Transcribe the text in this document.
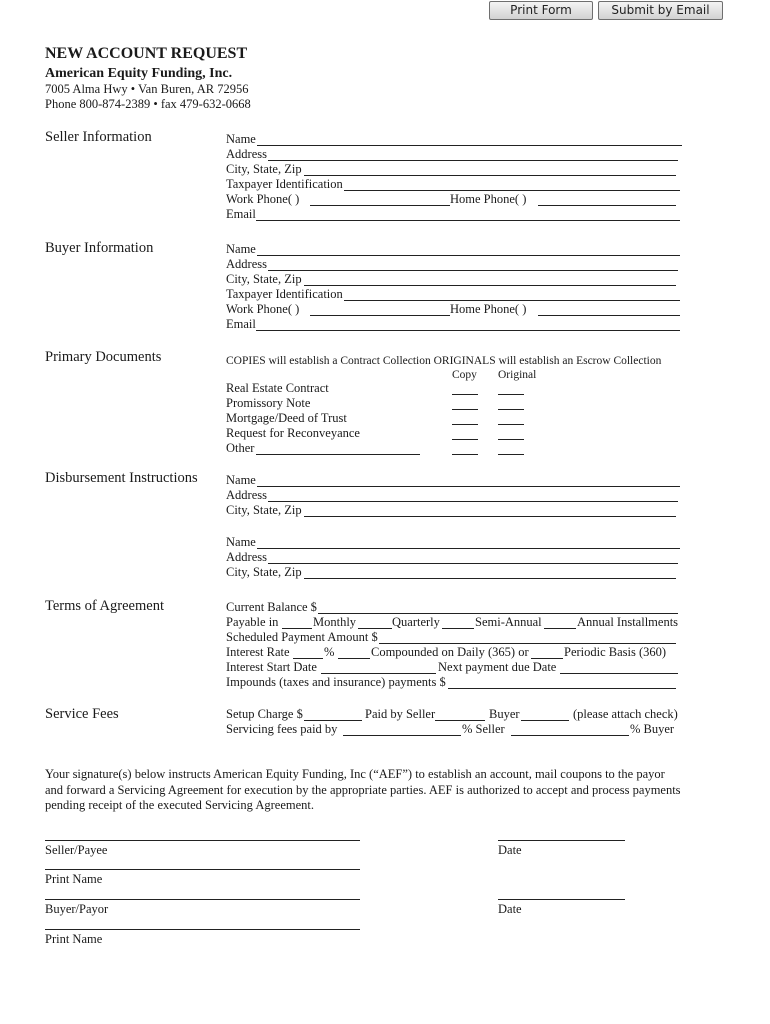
Print Form	Submit by Email
NEW ACCOUNT REQUEST
American Equity Funding, Inc.
7005 Alma Hwy • Van Buren, AR 72956
Phone 800-874-2389 • fax 479-632-0668
Seller Information	Name
Address
City, State, Zip
Taxpayer Identification
Work Phone( )	Home Phone( )
Email
Buyer Information	Name
Address
City, State, Zip
Taxpayer Identification
Work Phone( )	Home Phone( )
Email
Primary Documents	COPIES will establish a Contract Collection ORIGINALS will establish an Escrow Collection
Copy Original
Real Estate Contract
Promissory Note
Mortgage/Deed of Trust
Request for Reconveyance
Other
Disbursement Instructions Name
Address
City, State, Zip
Name
Address
City, State, Zip
Terms of Agreement	Current Balance $
Payable in	Monthly	Quarterly	Semi-Annual	Annual Installments
Scheduled Payment Amount $
Interest Rate	%	Compounded on Daily (365) or	Periodic Basis (360)
Interest Start Date	Next payment due Date
Impounds (taxes and insurance) payments $
Service Fees	Setup Charge $	Paid by Seller	Buyer	(please attach check)
Servicing fees paid by	% Seller	% Buyer
Your signature(s) below instructs American Equity Funding, Inc (“AEF”) to establish an account, mail coupons to the payor and forward a Servicing Agreement for execution by the appropriate parties. AEF is authorized to accept and process payments pending receipt of the executed Servicing Agreement.
Seller/Payee	Date
Print Name
Buyer/Payor	Date
Print Name
